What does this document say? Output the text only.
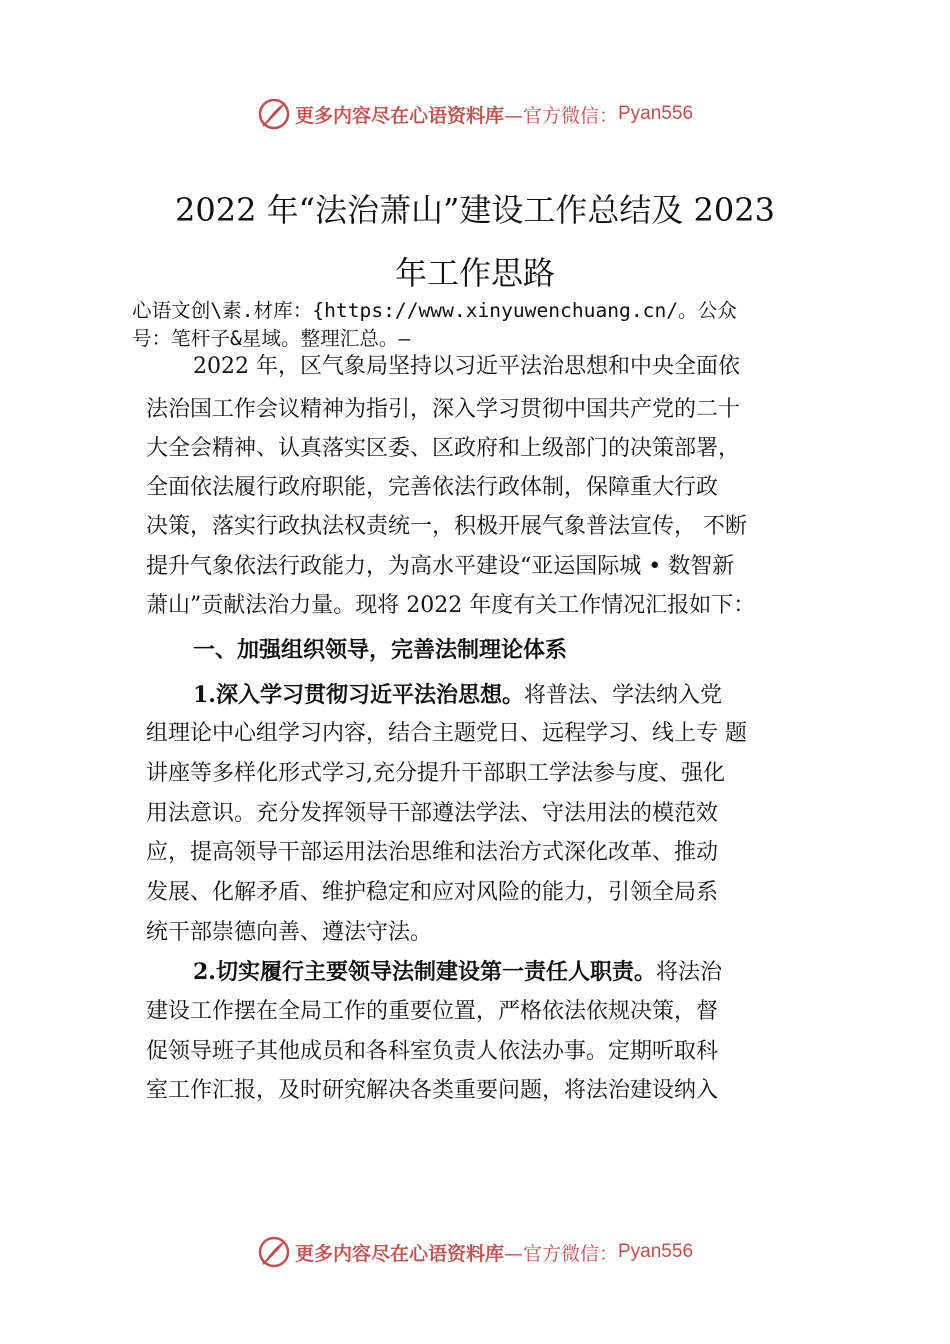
更多内容尽在心语资料库 —官方微信： Pyan556
2022 年“法治萧山”建设工作总结及 2023
年工作思路
心语文创\素.材库：{https://www.xinyuwenchuang.cn/。公众
号：笔杆子&星域。整理汇总。—
2022 年，区气象局坚持以习近平法治思想和中央全面依
法治国工作会议精神为指引，深入学习贯彻中国共产党的二十
大全会精神、认真落实区委、区政府和上级部门的决策部署，
全面依法履行政府职能，完善依法行政体制，保障重大行政
决策，落实行政执法权责统一，积极开展气象普法宣传， 不断
提升气象依法行政能力，为高水平建设“亚运国际城 • 数智新
萧山”贡献法治力量。现将 2022 年度有关工作情况汇报如下：
一、加强组织领导，完善法制理论体系
1.深入学习贯彻习近平法治思想。将普法、学法纳入党
组理论中心组学习内容，结合主题党日、远程学习、线上专 题
讲座等多样化形式学习,充分提升干部职工学法参与度、强化
用法意识。充分发挥领导干部遵法学法、守法用法的模范效
应，提高领导干部运用法治思维和法治方式深化改革、推动
发展、化解矛盾、维护稳定和应对风险的能力，引领全局系
统干部崇德向善、遵法守法。
2.切实履行主要领导法制建设第一责任人职责。将法治
建设工作摆在全局工作的重要位置，严格依法依规决策，督
促领导班子其他成员和各科室负责人依法办事。定期听取科
室工作汇报，及时研究解决各类重要问题，将法治建设纳入
更多内容尽在心语资料库 —官方微信： Pyan556
